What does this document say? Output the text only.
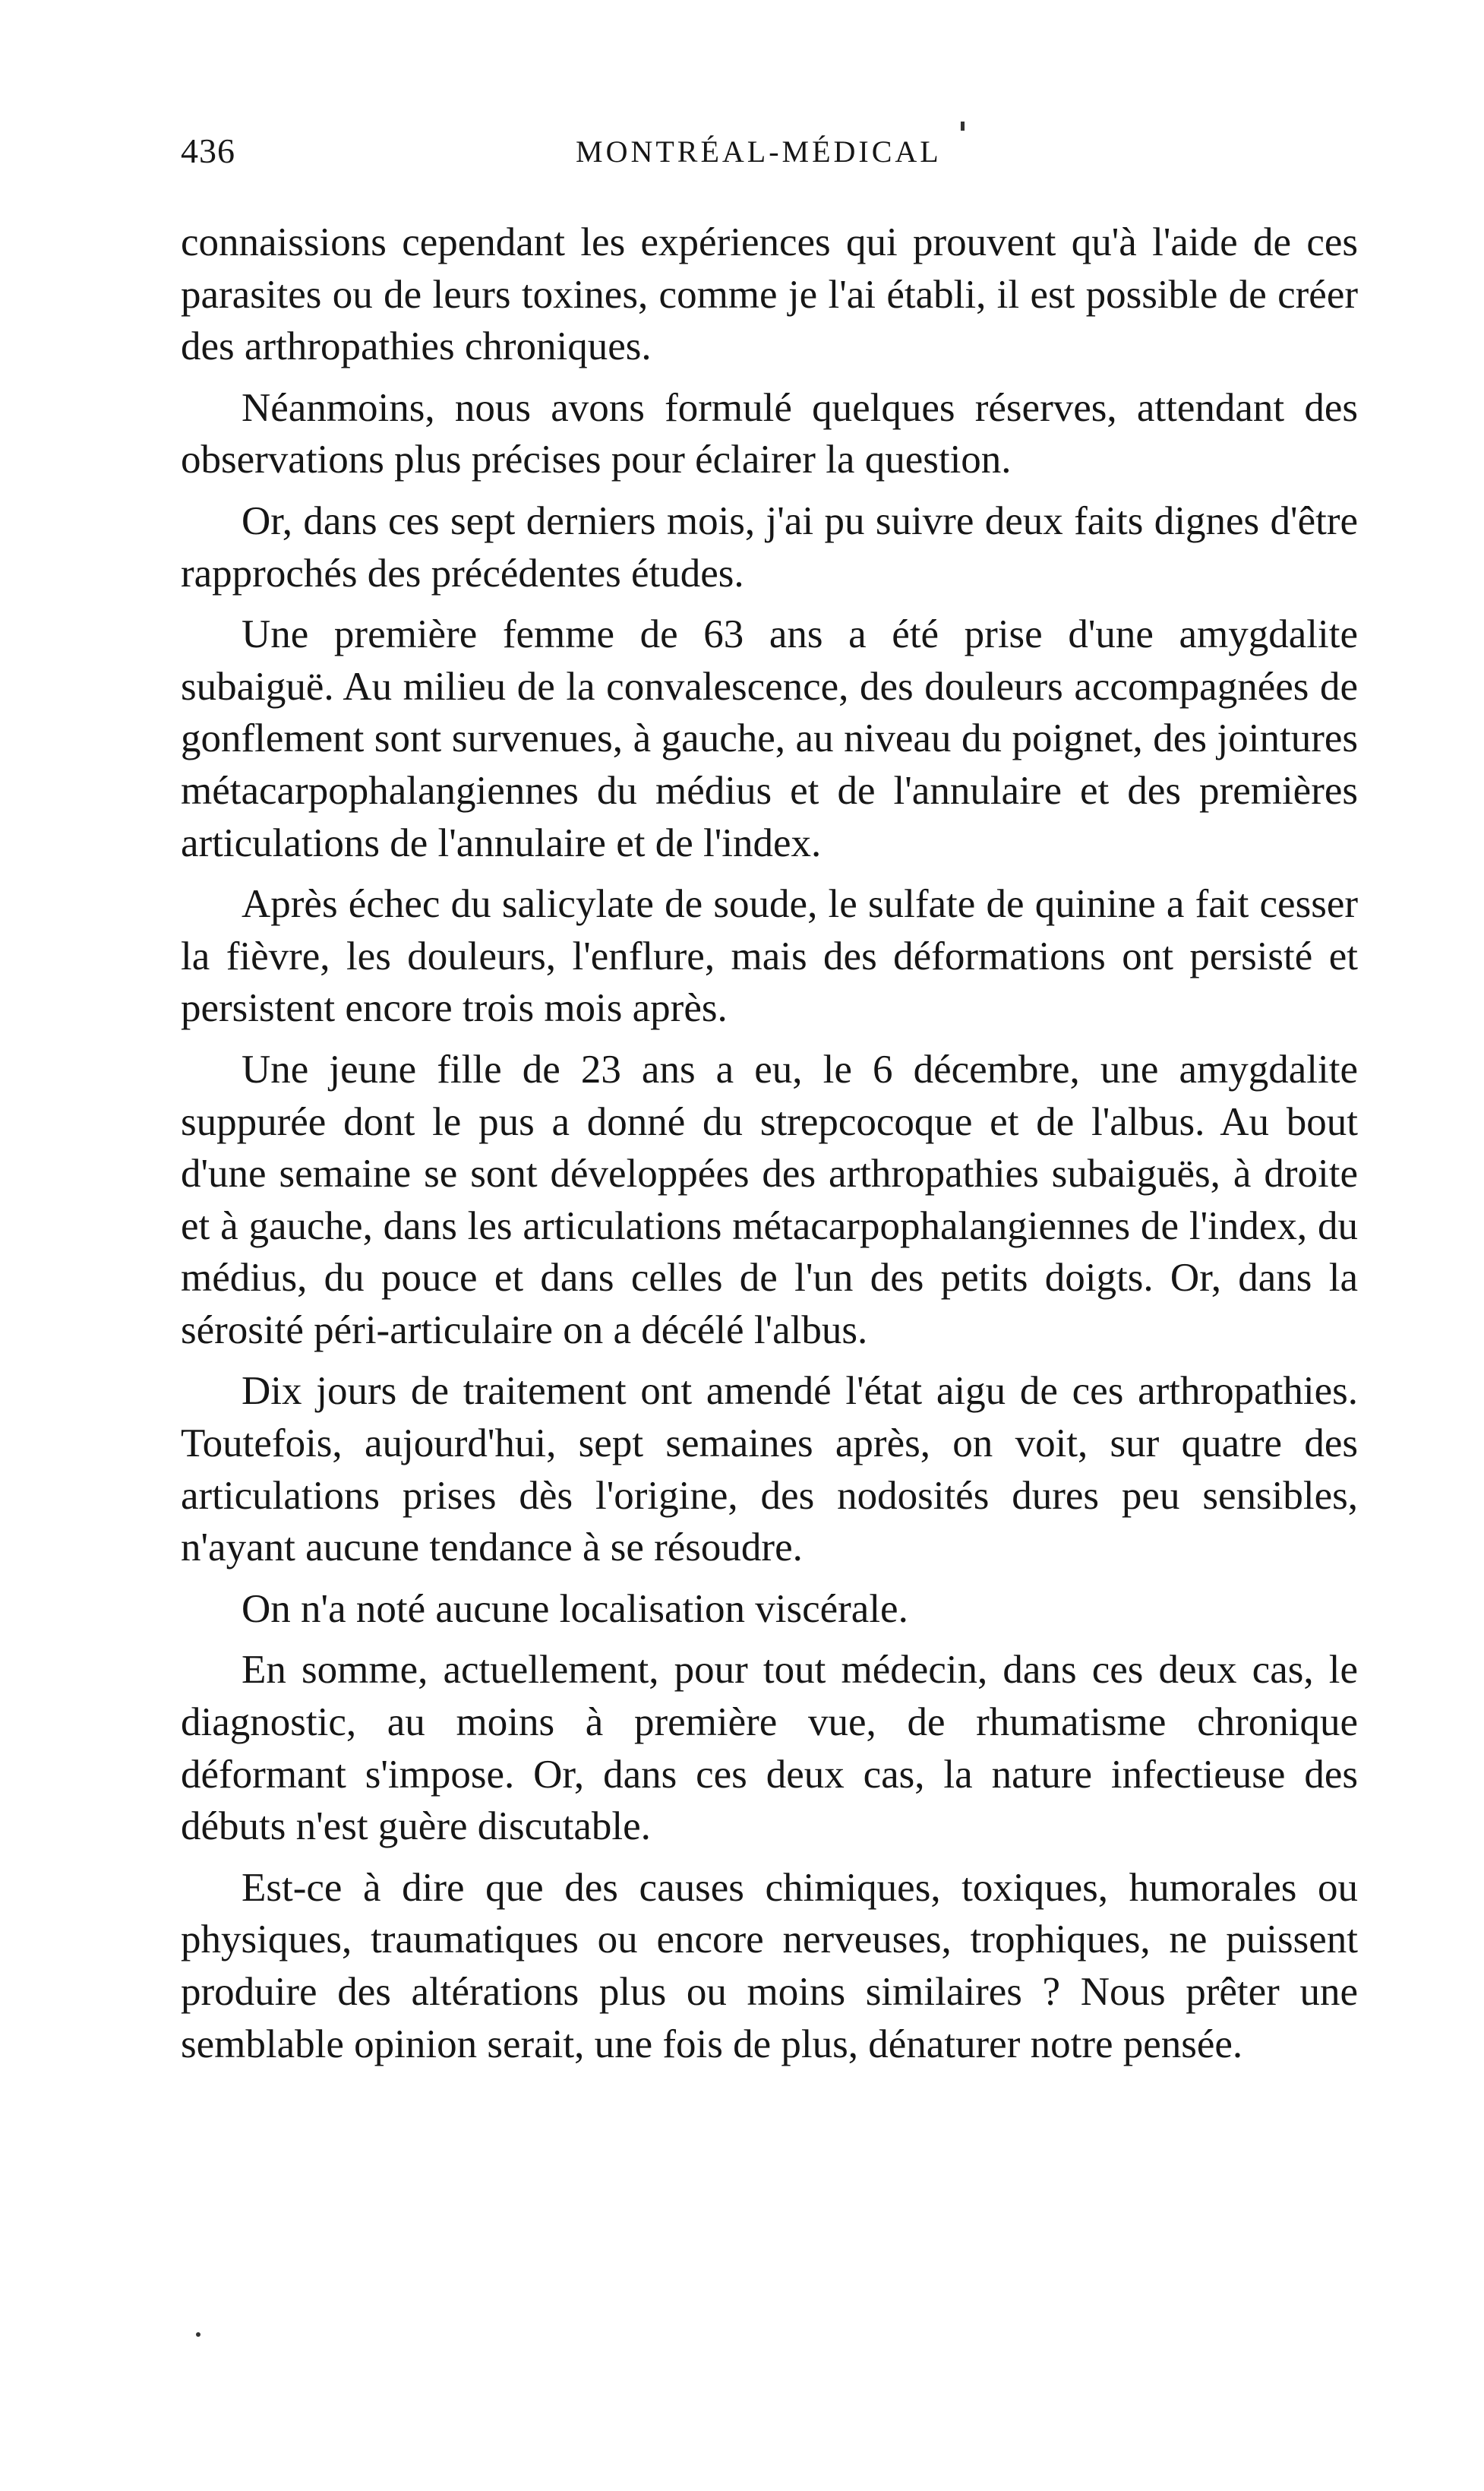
436	MONTRÉAL-MÉDICAL

connaissions cependant les expériences qui prouvent qu'à l'aide de ces parasites ou de leurs toxines, comme je l'ai établi, il est possible de créer des arthropathies chroniques.

Néanmoins, nous avons formulé quelques réserves, attendant des observations plus précises pour éclairer la question.

Or, dans ces sept derniers mois, j'ai pu suivre deux faits dignes d'être rapprochés des précédentes études.

Une première femme de 63 ans a été prise d'une amygdalite subaiguë. Au milieu de la convalescence, des douleurs accompagnées de gonflement sont survenues, à gauche, au niveau du poignet, des jointures métacarpophalangiennes du médius et de l'annulaire et des premières articulations de l'annulaire et de l'index.

Après échec du salicylate de soude, le sulfate de quinine a fait cesser la fièvre, les douleurs, l'enflure, mais des déformations ont persisté et persistent encore trois mois après.

Une jeune fille de 23 ans a eu, le 6 décembre, une amygdalite suppurée dont le pus a donné du strepcocoque et de l'albus. Au bout d'une semaine se sont développées des arthropathies subaiguës, à droite et à gauche, dans les articulations métacarpophalangiennes de l'index, du médius, du pouce et dans celles de l'un des petits doigts. Or, dans la sérosité péri-articulaire on a décélé l'albus.

Dix jours de traitement ont amendé l'état aigu de ces arthropathies. Toutefois, aujourd'hui, sept semaines après, on voit, sur quatre des articulations prises dès l'origine, des nodosités dures peu sensibles, n'ayant aucune tendance à se résoudre.

On n'a noté aucune localisation viscérale.

En somme, actuellement, pour tout médecin, dans ces deux cas, le diagnostic, au moins à première vue, de rhumatisme chronique déformant s'impose. Or, dans ces deux cas, la nature infectieuse des débuts n'est guère discutable.

Est-ce à dire que des causes chimiques, toxiques, humorales ou physiques, traumatiques ou encore nerveuses, trophiques, ne puissent produire des altérations plus ou moins similaires ? Nous prêter une semblable opinion serait, une fois de plus, dénaturer notre pensée.
